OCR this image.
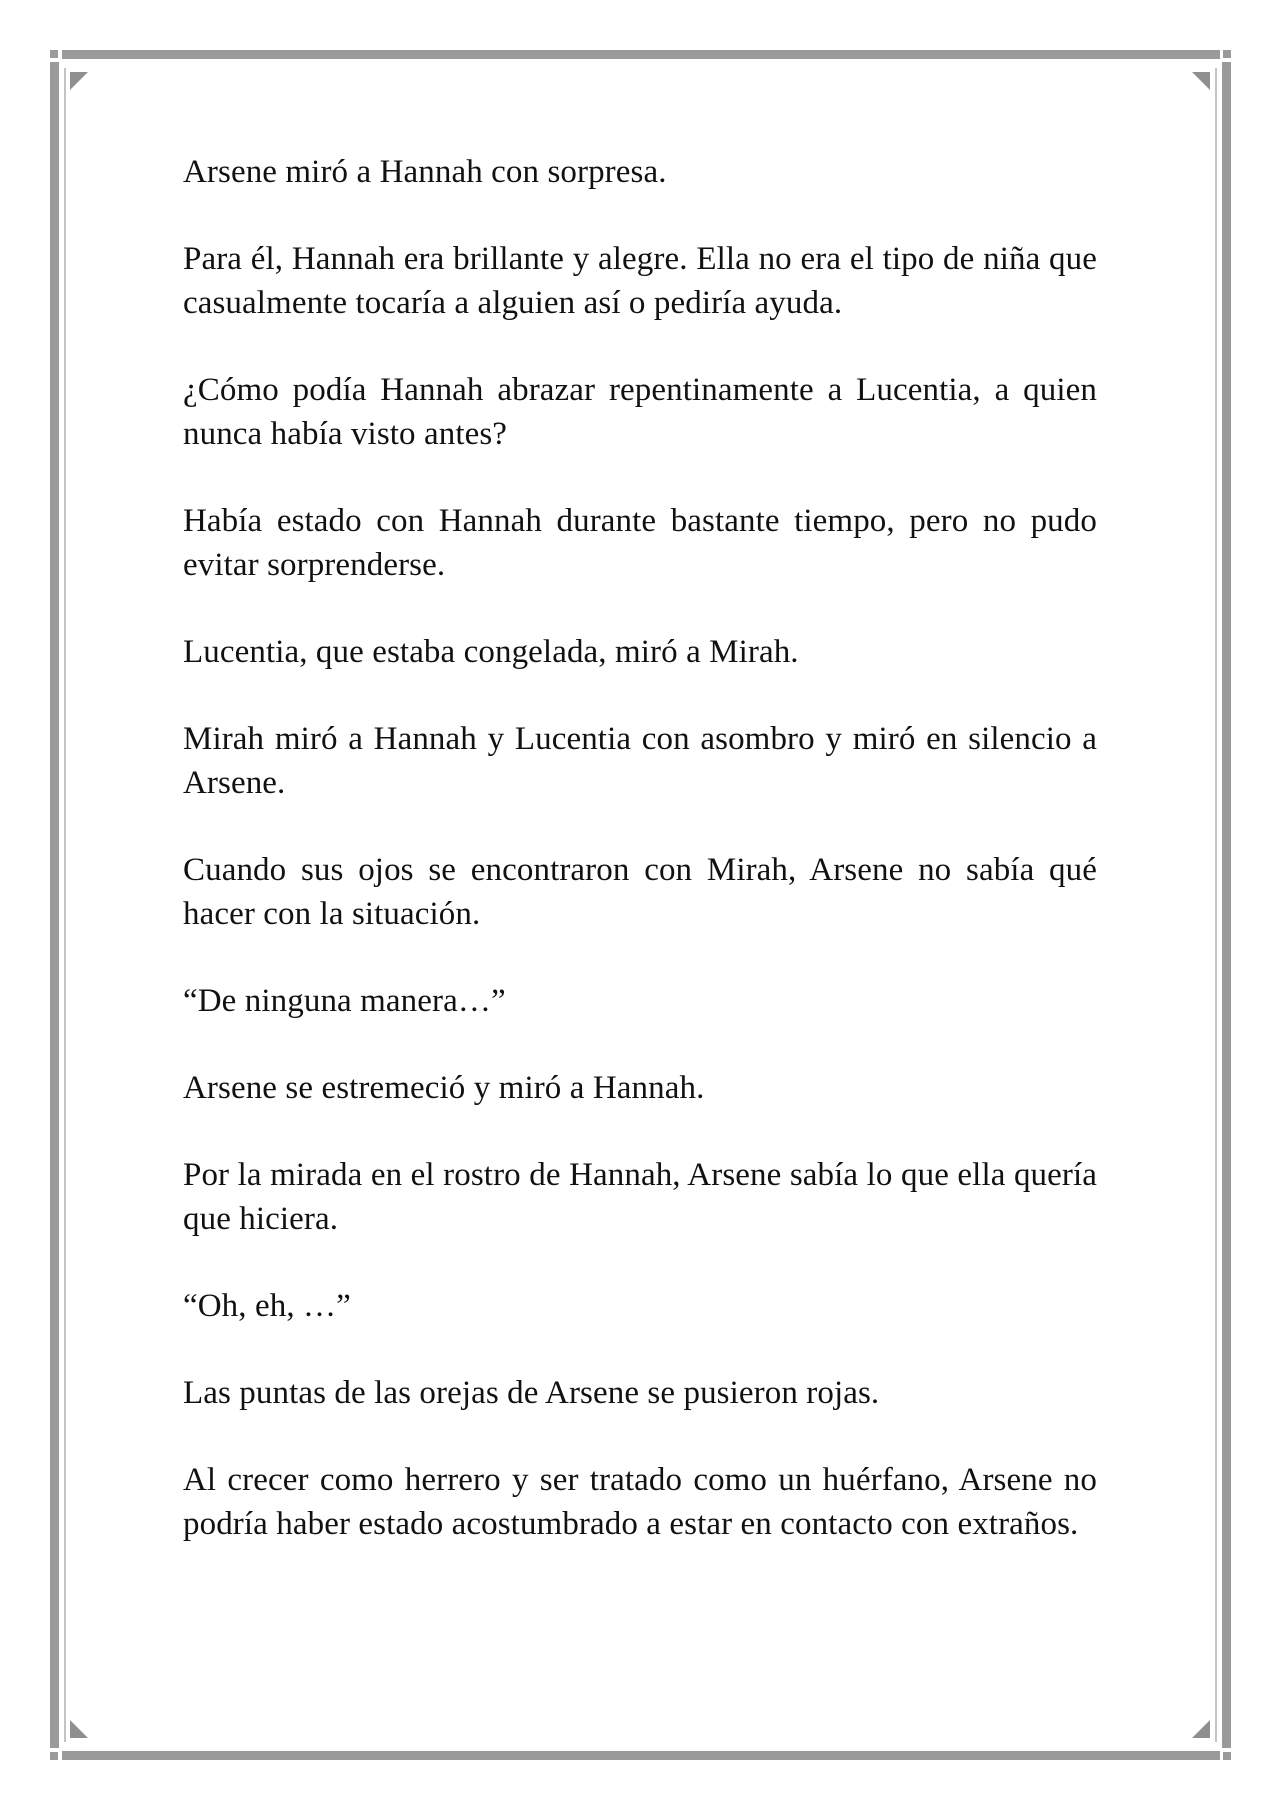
Arsene miró a Hannah con sorpresa.

Para él, Hannah era brillante y alegre. Ella no era el tipo de niña que casualmente tocaría a alguien así o pediría ayuda.

¿Cómo podía Hannah abrazar repentinamente a Lucentia, a quien nunca había visto antes?

Había estado con Hannah durante bastante tiempo, pero no pudo evitar sorprenderse.

Lucentia, que estaba congelada, miró a Mirah.

Mirah miró a Hannah y Lucentia con asombro y miró en silencio a Arsene.

Cuando sus ojos se encontraron con Mirah, Arsene no sabía qué hacer con la situación.

“De ninguna manera…”

Arsene se estremeció y miró a Hannah.

Por la mirada en el rostro de Hannah, Arsene sabía lo que ella quería que hiciera.

“Oh, eh, …”

Las puntas de las orejas de Arsene se pusieron rojas.

Al crecer como herrero y ser tratado como un huérfano, Arsene no podría haber estado acostumbrado a estar en contacto con extraños.
